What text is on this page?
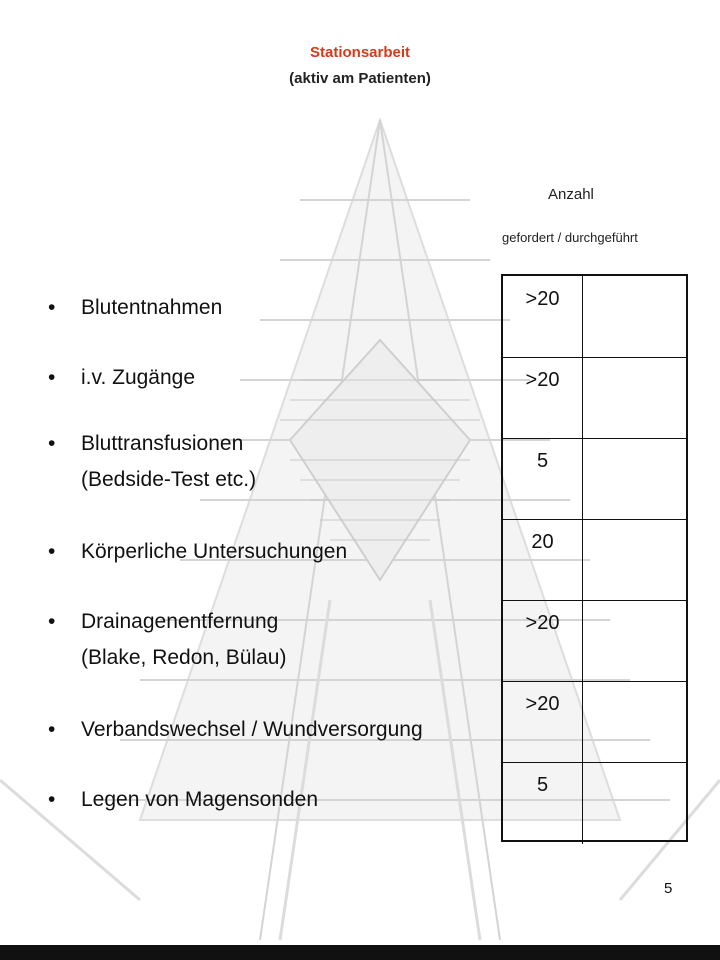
Stationsarbeit
(aktiv am Patienten)
Anzahl
gefordert / durchgeführt
• Blutentnahmen
• i.v. Zugänge
• Bluttransfusionen
(Bedside-Test etc.)
• Körperliche Untersuchungen
• Drainagenentfernung
(Blake, Redon, Bülau)
• Verbandswechsel / Wundversorgung
• Legen von Magensonden
>20
>20
5
20
>20
>20
5
5
